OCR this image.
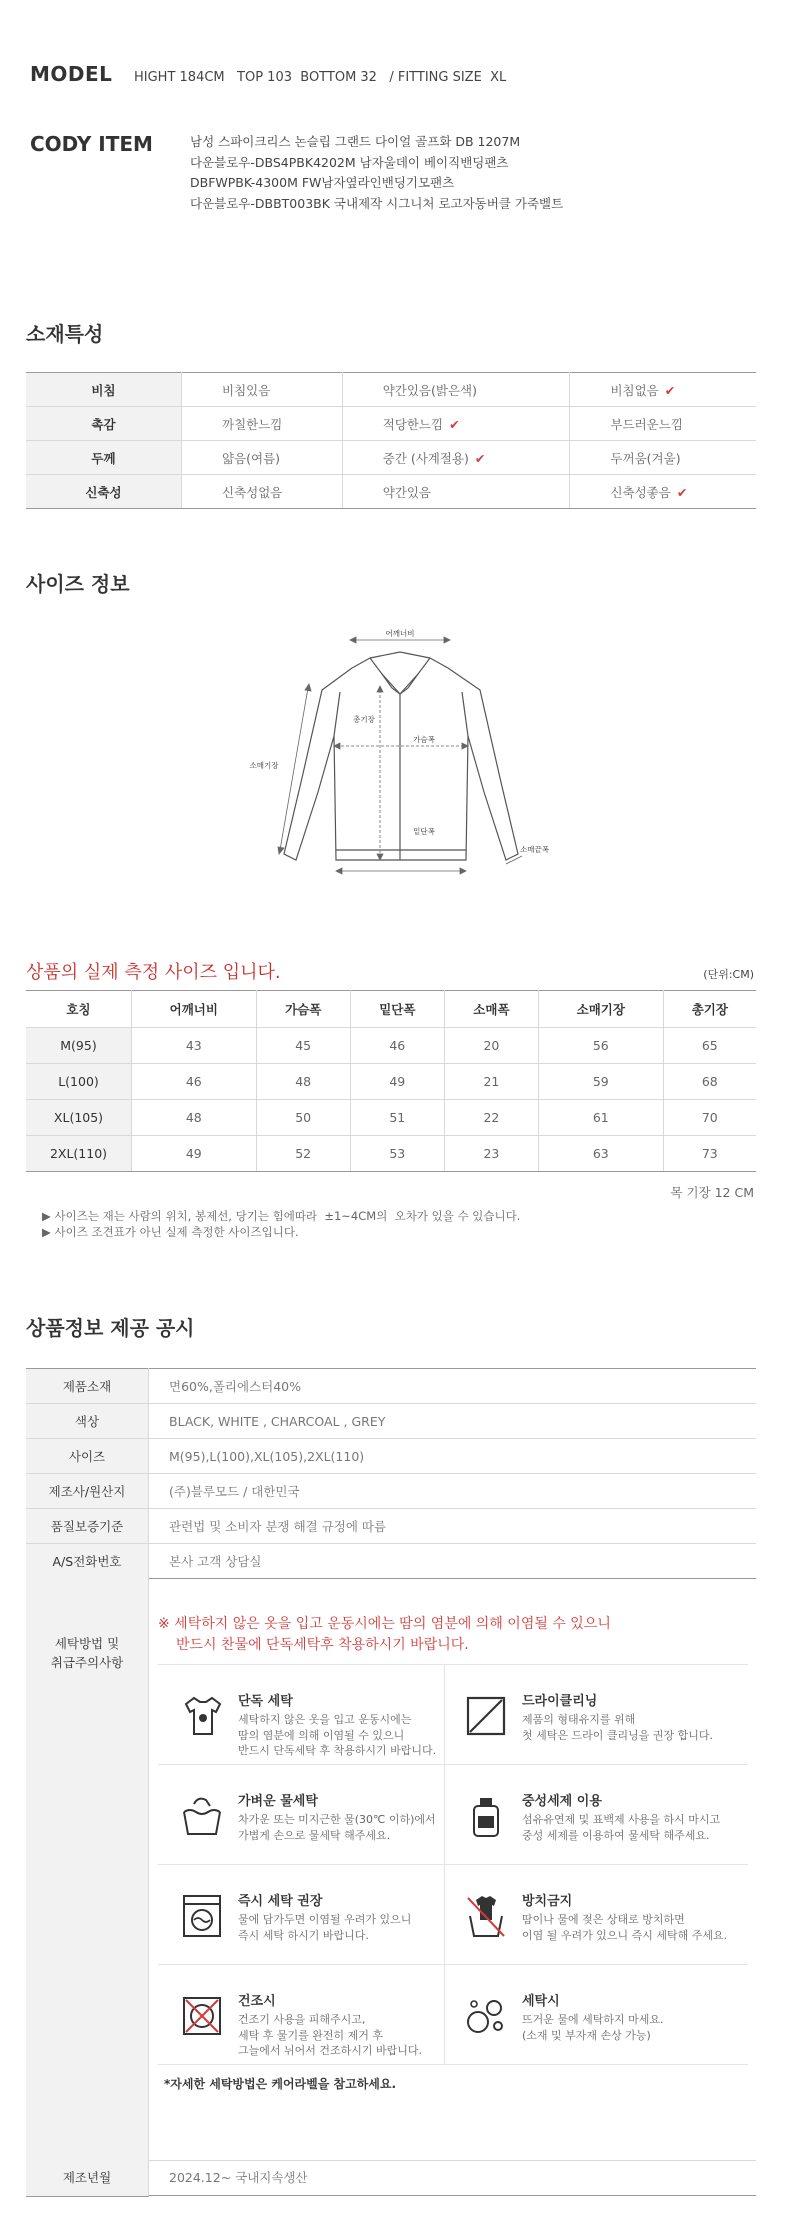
MODEL HIGHT 184CM   TOP 103  BOTTOM 32   / FITTING SIZE  XL
CODY ITEM	남성 스파이크리스 논슬립 그랜드 다이얼 골프화 DB 1207M
다운블로우-DBS4PBK4202M 남자울데이 베이직밴딩팬츠
DBFWPBK-4300M FW남자옆라인밴딩기모팬츠
다운블로우-DBBT003BK 국내제작 시그니처 로고자동버클 가죽벨트
소재특성
비침	비침있음	약간있음(밝은색)	비침없음 ✔
촉감	까칠한느낌	적당한느낌 ✔	부드러운느낌
두께	얇음(여름)	중간 (사계절용) ✔	두꺼움(겨울)
신축성	신축성없음	약간있음	신축성좋음 ✔
사이즈 정보
어깨너비
총기장
가슴폭
소매기장
밑단폭
소매끝폭
상품의 실제 측정 사이즈 입니다.	(단위:CM)
호칭	어깨너비	가슴폭	밑단폭	소매폭	소매기장	총기장
M(95)	43	45	46	20	56	65
L(100)	46	48	49	21	59	68
XL(105)	48	50	51	22	61	70
2XL(110)	49	52	53	23	63	73
목 기장 12 CM
▶ 사이즈는 재는 사람의 위치, 봉제선, 당기는 힘에따라  ±1~4CM의  오차가 있을 수 있습니다.
▶ 사이즈 조견표가 아닌 실제 측정한 사이즈입니다.
상품정보 제공 공시
제품소재	면60%,폴리에스터40%
색상	BLACK, WHITE , CHARCOAL , GREY
사이즈	M(95),L(100),XL(105),2XL(110)
제조사/원산지	(주)블루모드 / 대한민국
품질보증기준	관련법 및 소비자 분쟁 해결 규정에 따름
A/S전화번호	본사 고객 상담실
세탁방법 및
취급주의사항
※ 세탁하지 않은 옷을 입고 운동시에는 땀의 염분에 의해 이염될 수 있으니
반드시 찬물에 단독세탁후 착용하시기 바랍니다.
단독 세탁
세탁하지 않은 옷을 입고 운동시에는
땀의 염분에 의해 이염될 수 있으니
반드시 단독세탁 후 착용하시기 바랍니다.
드라이클리닝
제품의 형태유지를 위해
첫 세탁은 드라이 클리닝을 권장 합니다.
가벼운 물세탁
차가운 또는 미지근한 물(30℃ 이하)에서
가볍게 손으로 물세탁 해주세요.
중성세제 이용
섬유유연제 및 표백제 사용을 하시 마시고
중성 세제를 이용하여 물세탁 해주세요.
즉시 세탁 권장
물에 담가두면 이염될 우려가 있으니
즉시 세탁 하시기 바랍니다.
방치금지
땀이나 물에 젖은 상태로 방치하면
이염 될 우려가 있으니 즉시 세탁해 주세요.
건조시
건조기 사용을 피해주시고,
세탁 후 물기를 완전히 제거 후
그늘에서 뉘어서 건조하시기 바랍니다.
세탁시
뜨거운 물에 세탁하지 마세요.
(소재 및 부자재 손상 가능)
*자세한 세탁방법은 케어라벨을 참고하세요.
제조년월	2024.12~ 국내지속생산
